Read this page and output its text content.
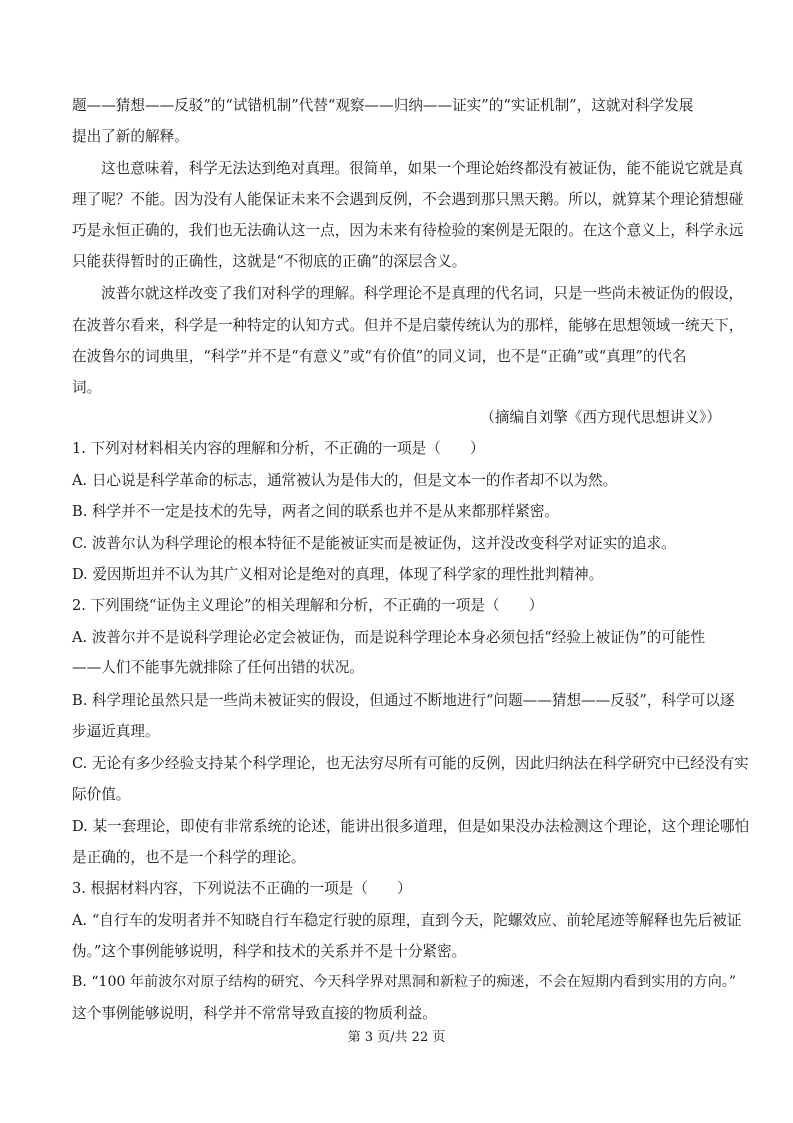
题——猜想——反驳”的“试错机制”代替“观察——归纳——证实”的“实证机制”，这就对科学发展
提出了新的解释。
这也意味着，科学无法达到绝对真理。很简单，如果一个理论始终都没有被证伪，能不能说它就是真
理了呢？不能。因为没有人能保证未来不会遇到反例，不会遇到那只黑天鹅。所以，就算某个理论猜想碰
巧是永恒正确的，我们也无法确认这一点，因为未来有待检验的案例是无限的。在这个意义上，科学永远
只能获得暂时的正确性，这就是“不彻底的正确”的深层含义。
波普尔就这样改变了我们对科学的理解。科学理论不是真理的代名词，只是一些尚未被证伪的假设，
在波普尔看来，科学是一种特定的认知方式。但并不是启蒙传统认为的那样，能够在思想领域一统天下，
在波鲁尔的词典里，“科学”并不是“有意义”或“有价值”的同义词，也不是“正确”或“真理”的代名
词。
（摘编自刘擎《西方现代思想讲义》）
1. 下列对材料相关内容的理解和分析，不正确的一项是（　　）
A. 日心说是科学革命的标志，通常被认为是伟大的，但是文本一的作者却不以为然。
B. 科学并不一定是技术的先导，两者之间的联系也并不是从来都那样紧密。
C. 波普尔认为科学理论的根本特征不是能被证实而是被证伪，这并没改变科学对证实的追求。
D. 爱因斯坦并不认为其广义相对论是绝对的真理，体现了科学家的理性批判精神。
2. 下列围绕“证伪主义理论”的相关理解和分析，不正确的一项是（　　）
A. 波普尔并不是说科学理论必定会被证伪，而是说科学理论本身必须包括“经验上被证伪”的可能性
——人们不能事先就排除了任何出错的状况。
B. 科学理论虽然只是一些尚未被证实的假设，但通过不断地进行“问题——猜想——反驳”，科学可以逐
步逼近真理。
C. 无论有多少经验支持某个科学理论，也无法穷尽所有可能的反例，因此归纳法在科学研究中已经没有实
际价值。
D. 某一套理论，即使有非常系统的论述，能讲出很多道理，但是如果没办法检测这个理论，这个理论哪怕
是正确的，也不是一个科学的理论。
3. 根据材料内容，下列说法不正确的一项是（　　）
A. “自行车的发明者并不知晓自行车稳定行驶的原理，直到今天，陀螺效应、前轮尾迹等解释也先后被证
伪。”这个事例能够说明，科学和技术的关系并不是十分紧密。
B. “100 年前波尔对原子结构的研究、今天科学界对黑洞和新粒子的痴迷，不会在短期内看到实用的方向。”
这个事例能够说明，科学并不常常导致直接的物质利益。
第 3 页/共 22 页
